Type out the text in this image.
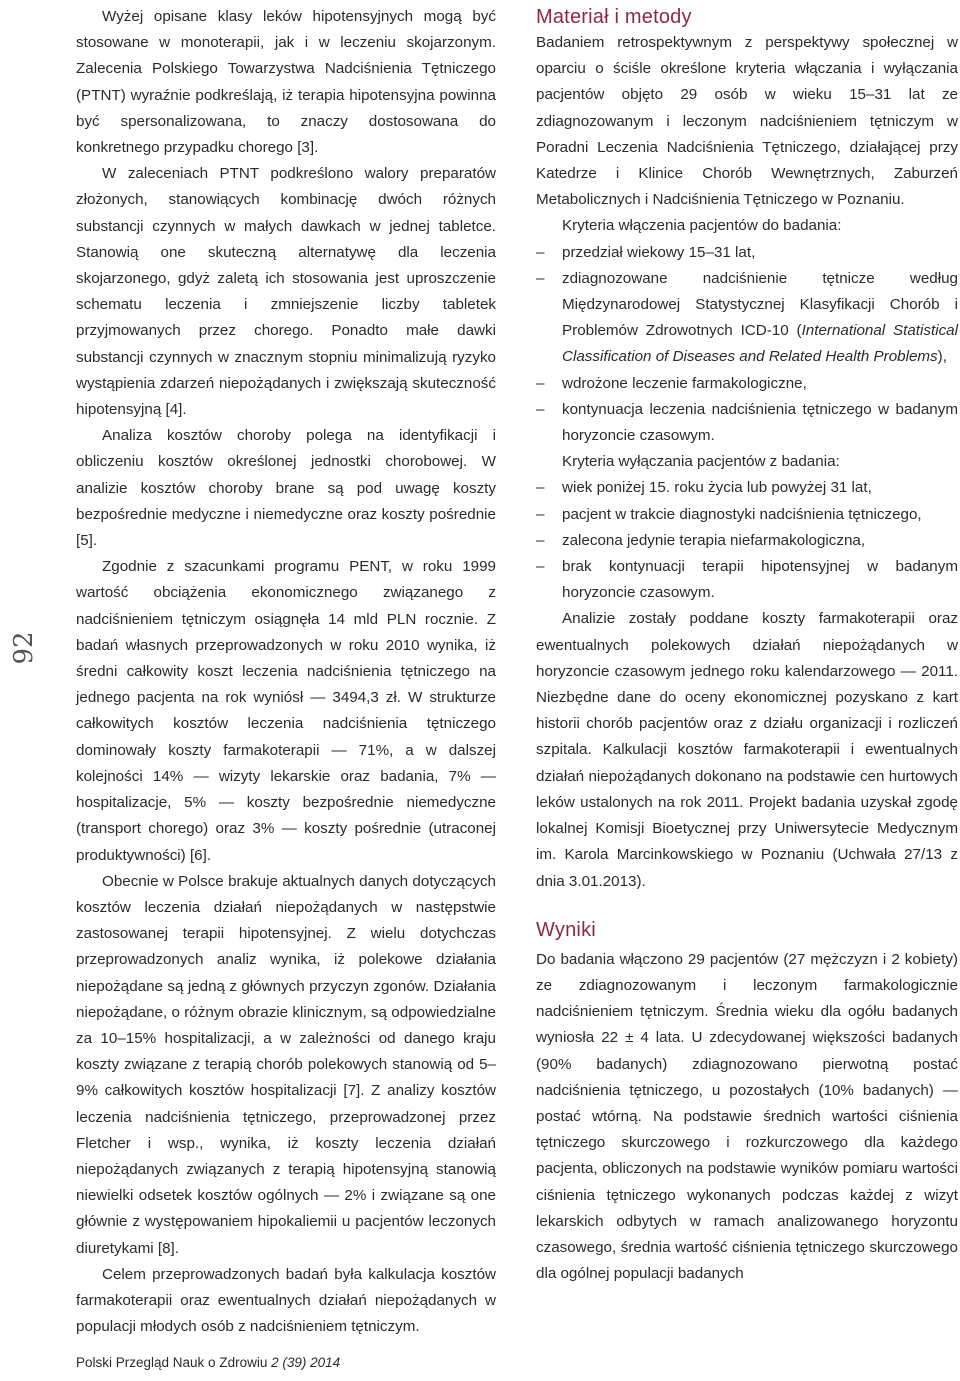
92

Wyżej opisane klasy leków hipotensyjnych mogą być stosowane w monoterapii, jak i w leczeniu skojarzonym. Zalecenia Polskiego Towarzystwa Nadciśnienia Tętniczego (PTNT) wyraźnie podkreślają, iż terapia hipotensyjna powinna być spersonalizowana, to znaczy dostosowana do konkretnego przypadku chorego [3].

W zaleceniach PTNT podkreślono walory preparatów złożonych, stanowiących kombinację dwóch różnych substancji czynnych w małych dawkach w jednej tabletce. Stanowią one skuteczną alternatywę dla leczenia skojarzonego, gdyż zaletą ich stosowania jest uproszczenie schematu leczenia i zmniejszenie liczby tabletek przyjmowanych przez chorego. Ponadto małe dawki substancji czynnych w znacznym stopniu minimalizują ryzyko wystąpienia zdarzeń niepożądanych i zwiększają skuteczność hipotensyjną [4].

Analiza kosztów choroby polega na identyfikacji i obliczeniu kosztów określonej jednostki chorobowej. W analizie kosztów choroby brane są pod uwagę koszty bezpośrednie medyczne i niemedyczne oraz koszty pośrednie [5].

Zgodnie z szacunkami programu PENT, w roku 1999 wartość obciążenia ekonomicznego związanego z nadciśnieniem tętniczym osiągnęła 14 mld PLN rocznie. Z badań własnych przeprowadzonych w roku 2010 wynika, iż średni całkowity koszt leczenia nadciśnienia tętniczego na jednego pacjenta na rok wyniósł — 3494,3 zł. W strukturze całkowitych kosztów leczenia nadciśnienia tętniczego dominowały koszty farmakoterapii — 71%, a w dalszej kolejności 14% — wizyty lekarskie oraz badania, 7% — hospitalizacje, 5% — koszty bezpośrednie niemedyczne (transport chorego) oraz 3% — koszty pośrednie (utraconej produktywności) [6].

Obecnie w Polsce brakuje aktualnych danych dotyczących kosztów leczenia działań niepożądanych w następstwie zastosowanej terapii hipotensyjnej. Z wielu dotychczas przeprowadzonych analiz wynika, iż polekowe działania niepożądane są jedną z głównych przyczyn zgonów. Działania niepożądane, o różnym obrazie klinicznym, są odpowiedzialne za 10–15% hospitalizacji, a w zależności od danego kraju koszty związane z terapią chorób polekowych stanowią od 5–9% całkowitych kosztów hospitalizacji [7]. Z analizy kosztów leczenia nadciśnienia tętniczego, przeprowadzonej przez Fletcher i wsp., wynika, iż koszty leczenia działań niepożądanych związanych z terapią hipotensyjną stanowią niewielki odsetek kosztów ogólnych — 2% i związane są one głównie z występowaniem hipokaliemii u pacjentów leczonych diuretykami [8].

Celem przeprowadzonych badań była kalkulacja kosztów farmakoterapii oraz ewentualnych działań niepożądanych w populacji młodych osób z nadciśnieniem tętniczym.

Materiał i metody

Badaniem retrospektywnym z perspektywy społecznej w oparciu o ściśle określone kryteria włączania i wyłączania pacjentów objęto 29 osób w wieku 15–31 lat ze zdiagnozowanym i leczonym nadciśnieniem tętniczym w Poradni Leczenia Nadciśnienia Tętniczego, działającej przy Katedrze i Klinice Chorób Wewnętrznych, Zaburzeń Metabolicznych i Nadciśnienia Tętniczego w Poznaniu.

Kryteria włączenia pacjentów do badania:

–	przedział wiekowy 15–31 lat,
–	zdiagnozowane nadciśnienie tętnicze według Międzynarodowej Statystycznej Klasyfikacji Chorób i Problemów Zdrowotnych ICD-10 (International Statistical Classification of Diseases and Related Health Problems),
–	wdrożone leczenie farmakologiczne,
–	kontynuacja leczenia nadciśnienia tętniczego w badanym horyzoncie czasowym.

Kryteria wyłączania pacjentów z badania:

–	wiek poniżej 15. roku życia lub powyżej 31 lat,
–	pacjent w trakcie diagnostyki nadciśnienia tętniczego,
–	zalecona jedynie terapia niefarmakologiczna,
–	brak kontynuacji terapii hipotensyjnej w badanym horyzoncie czasowym.

Analizie zostały poddane koszty farmakoterapii oraz ewentualnych polekowych działań niepożądanych w horyzoncie czasowym jednego roku kalendarzowego — 2011. Niezbędne dane do oceny ekonomicznej pozyskano z kart historii chorób pacjentów oraz z działu organizacji i rozliczeń szpitala. Kalkulacji kosztów farmakoterapii i ewentualnych działań niepożądanych dokonano na podstawie cen hurtowych leków ustalonych na rok 2011. Projekt badania uzyskał zgodę lokalnej Komisji Bioetycznej przy Uniwersytecie Medycznym im. Karola Marcinkowskiego w Poznaniu (Uchwała 27/13 z dnia 3.01.2013).

Wyniki

Do badania włączono 29 pacjentów (27 mężczyzn i 2 kobiety) ze zdiagnozowanym i leczonym farmakologicznie nadciśnieniem tętniczym. Średnia wieku dla ogółu badanych wyniosła 22 ± 4 lata. U zdecydowanej większości badanych (90% badanych) zdiagnozowano pierwotną postać nadciśnienia tętniczego, u pozostałych (10% badanych) — postać wtórną. Na podstawie średnich wartości ciśnienia tętniczego skurczowego i rozkurczowego dla każdego pacjenta, obliczonych na podstawie wyników pomiaru wartości ciśnienia tętniczego wykonanych podczas każdej z wizyt lekarskich odbytych w ramach analizowanego horyzontu czasowego, średnia wartość ciśnienia tętniczego skurczowego dla ogólnej populacji badanych

Polski Przegląd Nauk o Zdrowiu 2 (39) 2014
